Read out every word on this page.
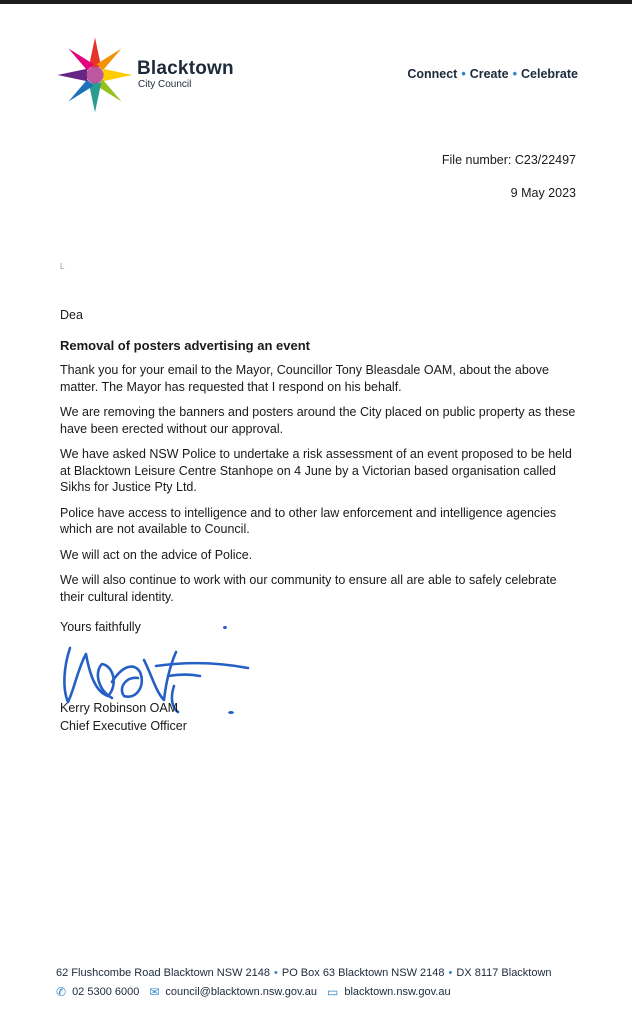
Blacktown
City Council
Connect • Create • Celebrate
File number: C23/22497
9 May 2023
L
Dea
Removal of posters advertising an event

Thank you for your email to the Mayor, Councillor Tony Bleasdale OAM, about the above matter. The Mayor has requested that I respond on his behalf.

We are removing the banners and posters around the City placed on public property as these have been erected without our approval.

We have asked NSW Police to undertake a risk assessment of an event proposed to be held at Blacktown Leisure Centre Stanhope on 4 June by a Victorian based organisation called Sikhs for Justice Pty Ltd.

Police have access to intelligence and to other law enforcement and intelligence agencies which are not available to Council.

We will act on the advice of Police.

We will also continue to work with our community to ensure all are able to safely celebrate their cultural identity.

Yours faithfully
Kerry Robinson OAM
Chief Executive Officer
62 Flushcombe Road Blacktown NSW 2148 • PO Box 63 Blacktown NSW 2148 • DX 8117 Blacktown
✆ 02 5300 6000 ✉ council@blacktown.nsw.gov.au ▭ blacktown.nsw.gov.au
